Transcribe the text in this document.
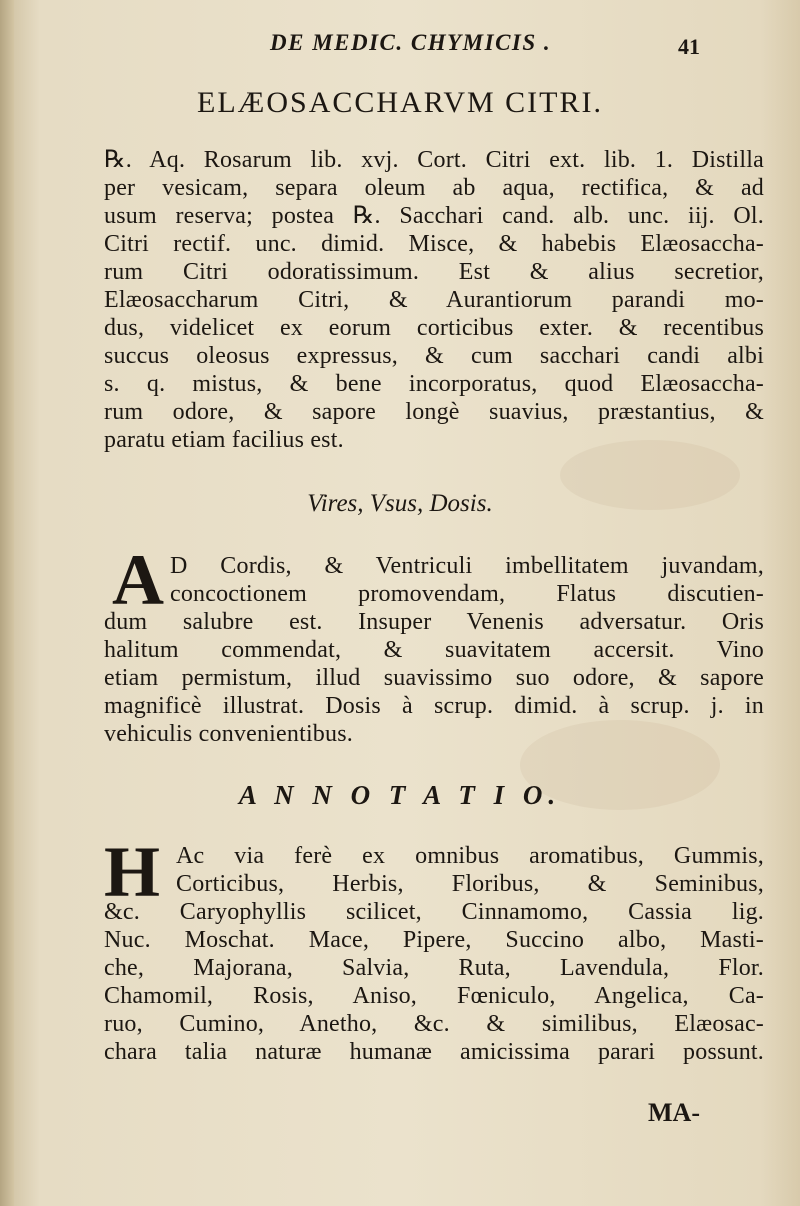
DE MEDIC. CHYMICIS .	41
ELÆOSACCHARVM CITRI.

℞. Aq. Rosarum lib. xvj. Cort. Citri ext. lib. 1. Distilla

per vesicam, separa oleum ab aqua, rectifica, & ad

usum reserva; postea ℞. Sacchari cand. alb. unc. iij. Ol.

Citri rectif. unc. dimid. Misce, & habebis Elæosaccha-

rum Citri odoratissimum. Est & alius secretior,

Elæosaccharum Citri, & Aurantiorum parandi mo-

dus, videlicet ex eorum corticibus exter. & recentibus

succus oleosus expressus, & cum sacchari candi albi

s. q. mistus, & bene incorporatus, quod Elæosaccha-

rum odore, & sapore longè suavius, præstantius, &

paratu etiam facilius est.

Vires, Vsus, Dosis.
A D Cordis, & Ventriculi imbellitatem juvandam,

concoctionem promovendam, Flatus discutien-

dum salubre est. Insuper Venenis adversatur. Oris

halitum commendat, & suavitatem accersit. Vino

etiam permistum, illud suavissimo suo odore, & sapore

magnificè illustrat. Dosis à scrup. dimid. à scrup. j. in

vehiculis convenientibus.

A N N O T A T I O.
H Ac via ferè ex omnibus aromatibus, Gummis,

Corticibus, Herbis, Floribus, & Seminibus,

&c. Caryophyllis scilicet, Cinnamomo, Cassia lig.

Nuc. Moschat. Mace, Pipere, Succino albo, Masti-

che, Majorana, Salvia, Ruta, Lavendula, Flor.

Chamomil, Rosis, Aniso, Fœniculo, Angelica, Ca-

ruo, Cumino, Anetho, &c. & similibus, Elæosac-

chara talia naturæ humanæ amicissima parari possunt.

MA-
